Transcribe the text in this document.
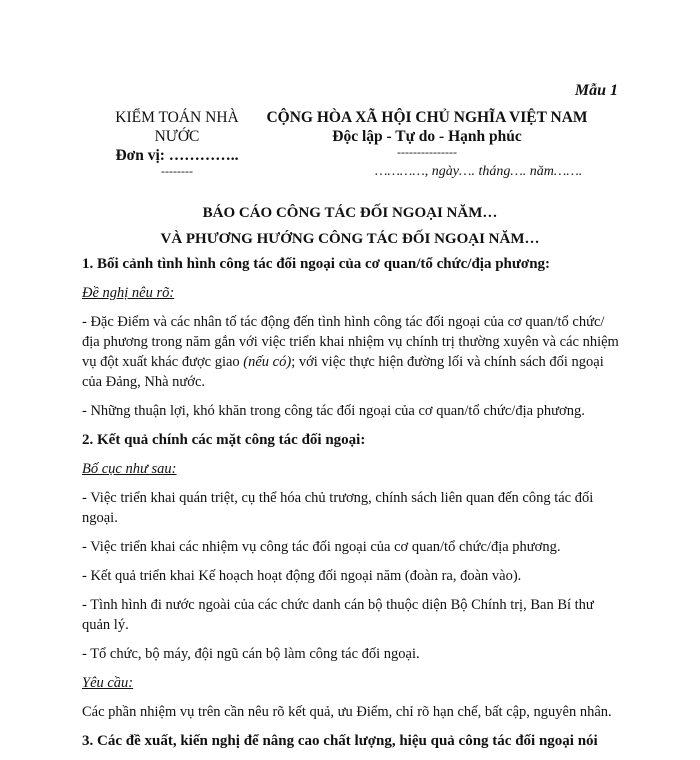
Mẫu 1
KIỂM TOÁN NHÀ NƯỚC
Đơn vị: …………..
--------
CỘNG HÒA XÃ HỘI CHỦ NGHĨA VIỆT NAM
Độc lập - Tự do - Hạnh phúc
---------------
…………, ngày…. tháng…. năm…….
BÁO CÁO CÔNG TÁC ĐỐI NGOẠI NĂM…
VÀ PHƯƠNG HƯỚNG CÔNG TÁC ĐỐI NGOẠI NĂM…

1. Bối cảnh tình hình công tác đối ngoại của cơ quan/tổ chức/địa phương:

Đề nghị nêu rõ:

- Đặc Điểm và các nhân tố tác động đến tình hình công tác đối ngoại của cơ quan/tổ chức/địa phương trong năm gắn với việc triển khai nhiệm vụ chính trị thường xuyên và các nhiệm vụ đột xuất khác được giao (nếu có); với việc thực hiện đường lối và chính sách đối ngoại của Đảng, Nhà nước.

- Những thuận lợi, khó khăn trong công tác đối ngoại của cơ quan/tổ chức/địa phương.

2. Kết quả chính các mặt công tác đối ngoại:

Bố cục như sau:

- Việc triển khai quán triệt, cụ thể hóa chủ trương, chính sách liên quan đến công tác đối ngoại.

- Việc triển khai các nhiệm vụ công tác đối ngoại của cơ quan/tổ chức/địa phương.

- Kết quả triển khai Kế hoạch hoạt động đối ngoại năm (đoàn ra, đoàn vào).

- Tình hình đi nước ngoài của các chức danh cán bộ thuộc diện Bộ Chính trị, Ban Bí thư quản lý.

- Tổ chức, bộ máy, đội ngũ cán bộ làm công tác đối ngoại.

Yêu cầu:

Các phần nhiệm vụ trên cần nêu rõ kết quả, ưu Điểm, chỉ rõ hạn chế, bất cập, nguyên nhân.

3. Các đề xuất, kiến nghị để nâng cao chất lượng, hiệu quả công tác đối ngoại nói
